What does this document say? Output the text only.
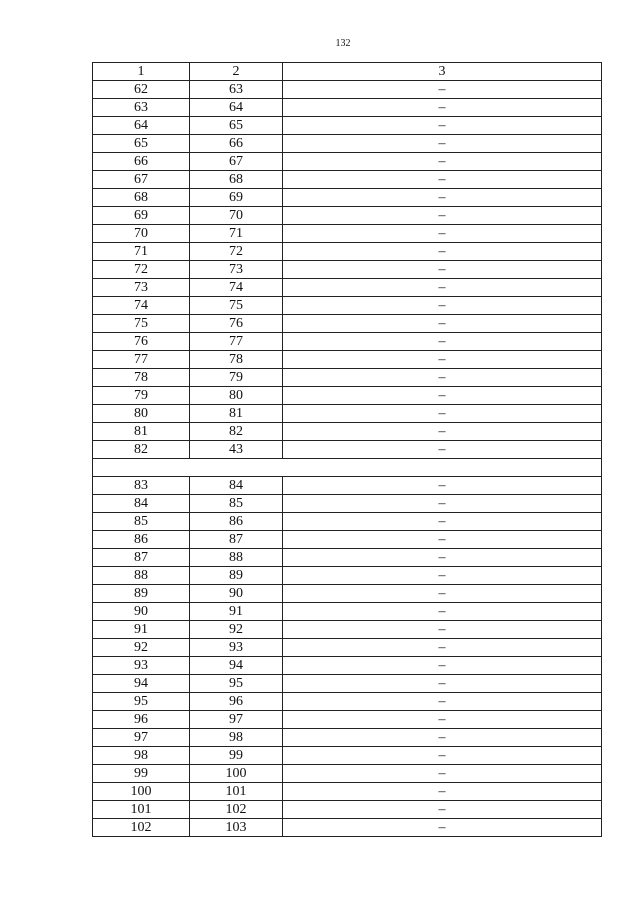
132
1	2	3
62	63	–
63	64	–
64	65	–
65	66	–
66	67	–
67	68	–
68	69	–
69	70	–
70	71	–
71	72	–
72	73	–
73	74	–
74	75	–
75	76	–
76	77	–
77	78	–
78	79	–
79	80	–
80	81	–
81	82	–
82	43	–

83	84	–
84	85	–
85	86	–
86	87	–
87	88	–
88	89	–
89	90	–
90	91	–
91	92	–
92	93	–
93	94	–
94	95	–
95	96	–
96	97	–
97	98	–
98	99	–
99	100	–
100	101	–
101	102	–
102	103	–
